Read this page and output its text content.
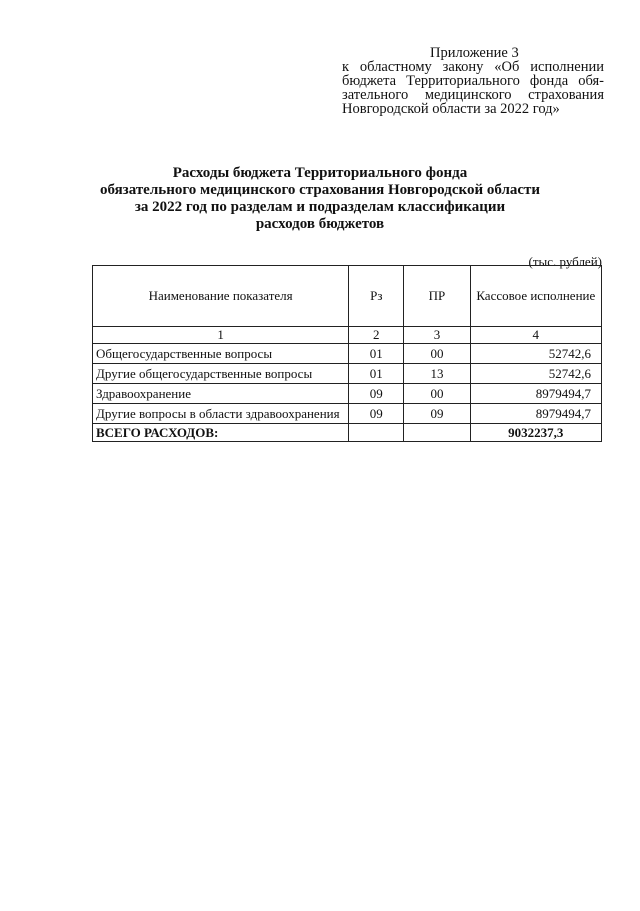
Приложение 3
к областному закону «Об исполнении
бюджета Территориального фонда обя-
зательного медицинского страхования
Новгородской области за 2022 год»
Расходы бюджета Территориального фонда
обязательного медицинского страхования Новгородской области
за 2022 год по разделам и подразделам классификации
расходов бюджетов
(тыс. рублей)
Наименование показателя	Рз	ПР	Кассовое исполнение
1	2	3	4
Общегосударственные вопросы	01	00	52742,6
Другие общегосударственные вопросы	01	13	52742,6
Здравоохранение	09	00	8979494,7
Другие вопросы в области здравоохранения	09	09	8979494,7
ВСЕГО РАСХОДОВ:			9032237,3
